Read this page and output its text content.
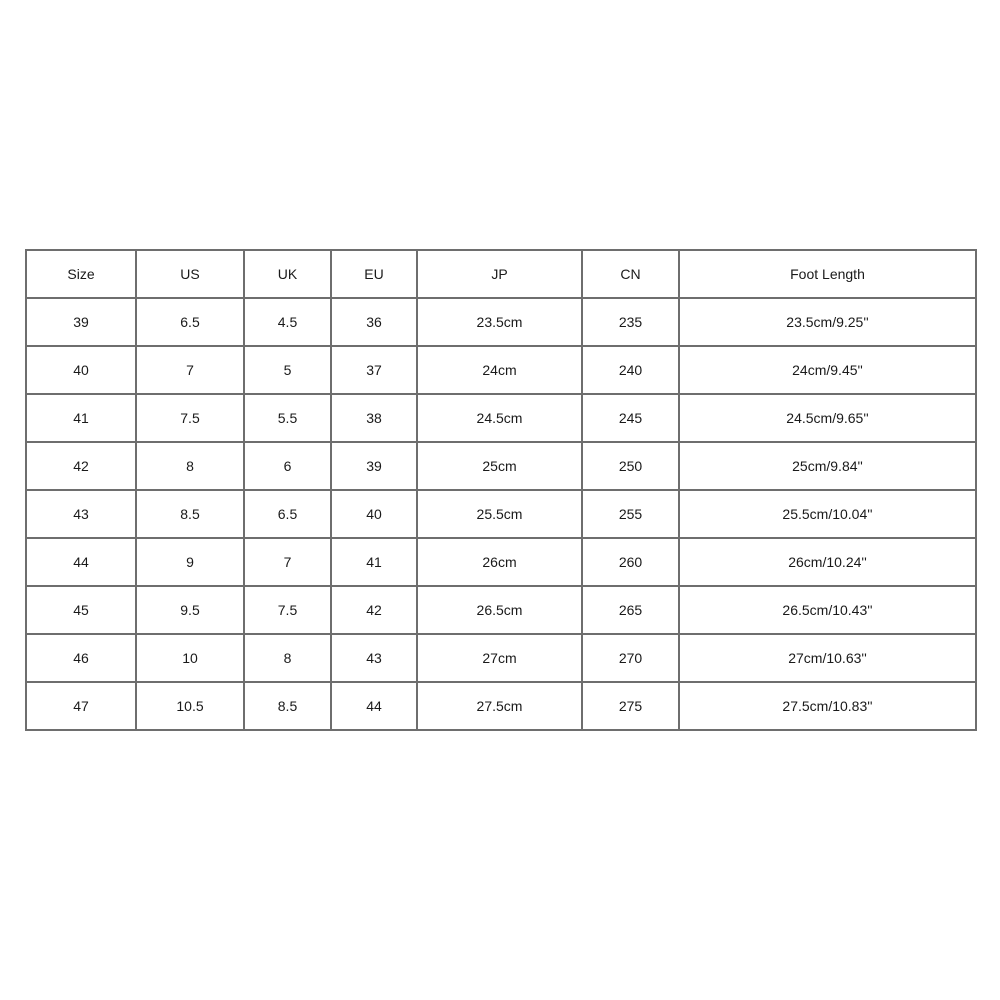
Size	US	UK	EU	JP	CN	Foot Length
39	6.5	4.5	36	23.5cm	235	23.5cm/9.25''
40	7	5	37	24cm	240	24cm/9.45''
41	7.5	5.5	38	24.5cm	245	24.5cm/9.65''
42	8	6	39	25cm	250	25cm/9.84''
43	8.5	6.5	40	25.5cm	255	25.5cm/10.04''
44	9	7	41	26cm	260	26cm/10.24''
45	9.5	7.5	42	26.5cm	265	26.5cm/10.43''
46	10	8	43	27cm	270	27cm/10.63''
47	10.5	8.5	44	27.5cm	275	27.5cm/10.83''
